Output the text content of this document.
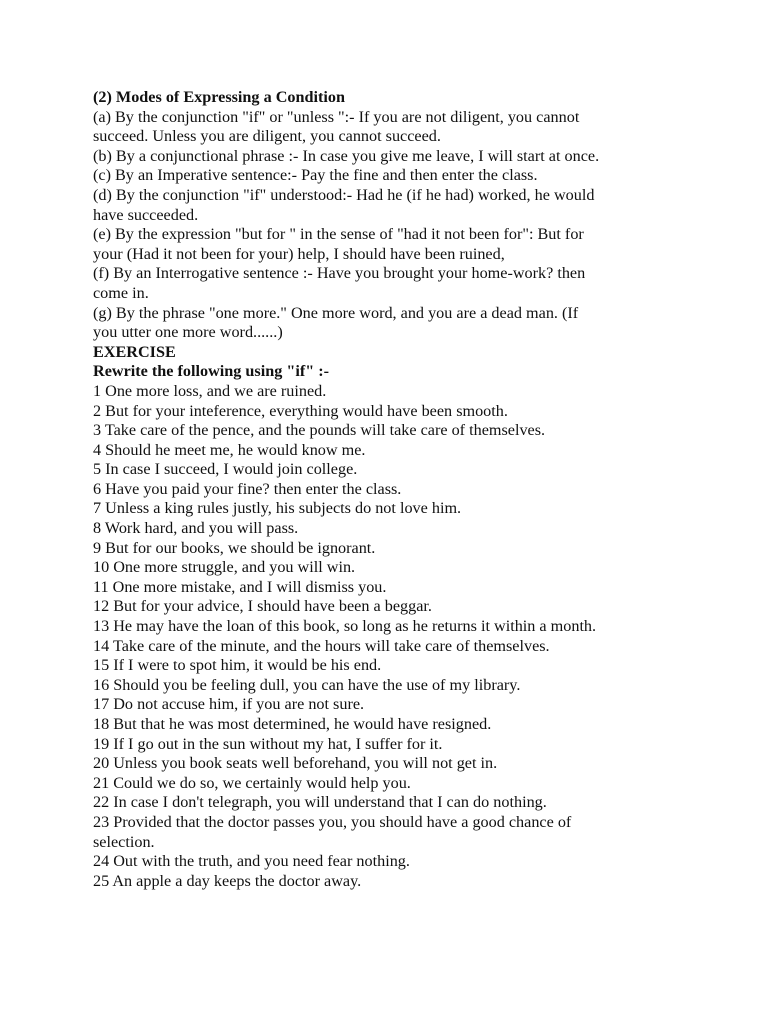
(2) Modes of Expressing a Condition
(a) By the conjunction "if" or "unless ":- If you are not diligent, you cannot
succeed. Unless you are diligent, you cannot succeed.
(b) By a conjunctional phrase :- In case you give me leave, I will start at once.
(c) By an Imperative sentence:- Pay the fine and then enter the class.
(d) By the conjunction "if" understood:- Had he (if he had) worked, he would
have succeeded.
(e) By the expression "but for " in the sense of "had it not been for": But for
your (Had it not been for your) help, I should have been ruined,
(f) By an Interrogative sentence :- Have you brought your home-work? then
come in.
(g) By the phrase "one more." One more word, and you are a dead man. (If
you utter one more word......)
EXERCISE
Rewrite the following using "if" :-
1 One more loss, and we are ruined.
2 But for your inteference, everything would have been smooth.
3 Take care of the pence, and the pounds will take care of themselves.
4 Should he meet me, he would know me.
5 In case I succeed, I would join college.
6 Have you paid your fine? then enter the class.
7 Unless a king rules justly, his subjects do not love him.
8 Work hard, and you will pass.
9 But for our books, we should be ignorant.
10 One more struggle, and you will win.
11 One more mistake, and I will dismiss you.
12 But for your advice, I should have been a beggar.
13 He may have the loan of this book, so long as he returns it within a month.
14 Take care of the minute, and the hours will take care of themselves.
15 If I were to spot him, it would be his end.
16 Should you be feeling dull, you can have the use of my library.
17 Do not accuse him, if you are not sure.
18 But that he was most determined, he would have resigned.
19 If I go out in the sun without my hat, I suffer for it.
20 Unless you book seats well beforehand, you will not get in.
21 Could we do so, we certainly would help you.
22 In case I don't telegraph, you will understand that I can do nothing.
23 Provided that the doctor passes you, you should have a good chance of
selection.
24 Out with the truth, and you need fear nothing.
25 An apple a day keeps the doctor away.
